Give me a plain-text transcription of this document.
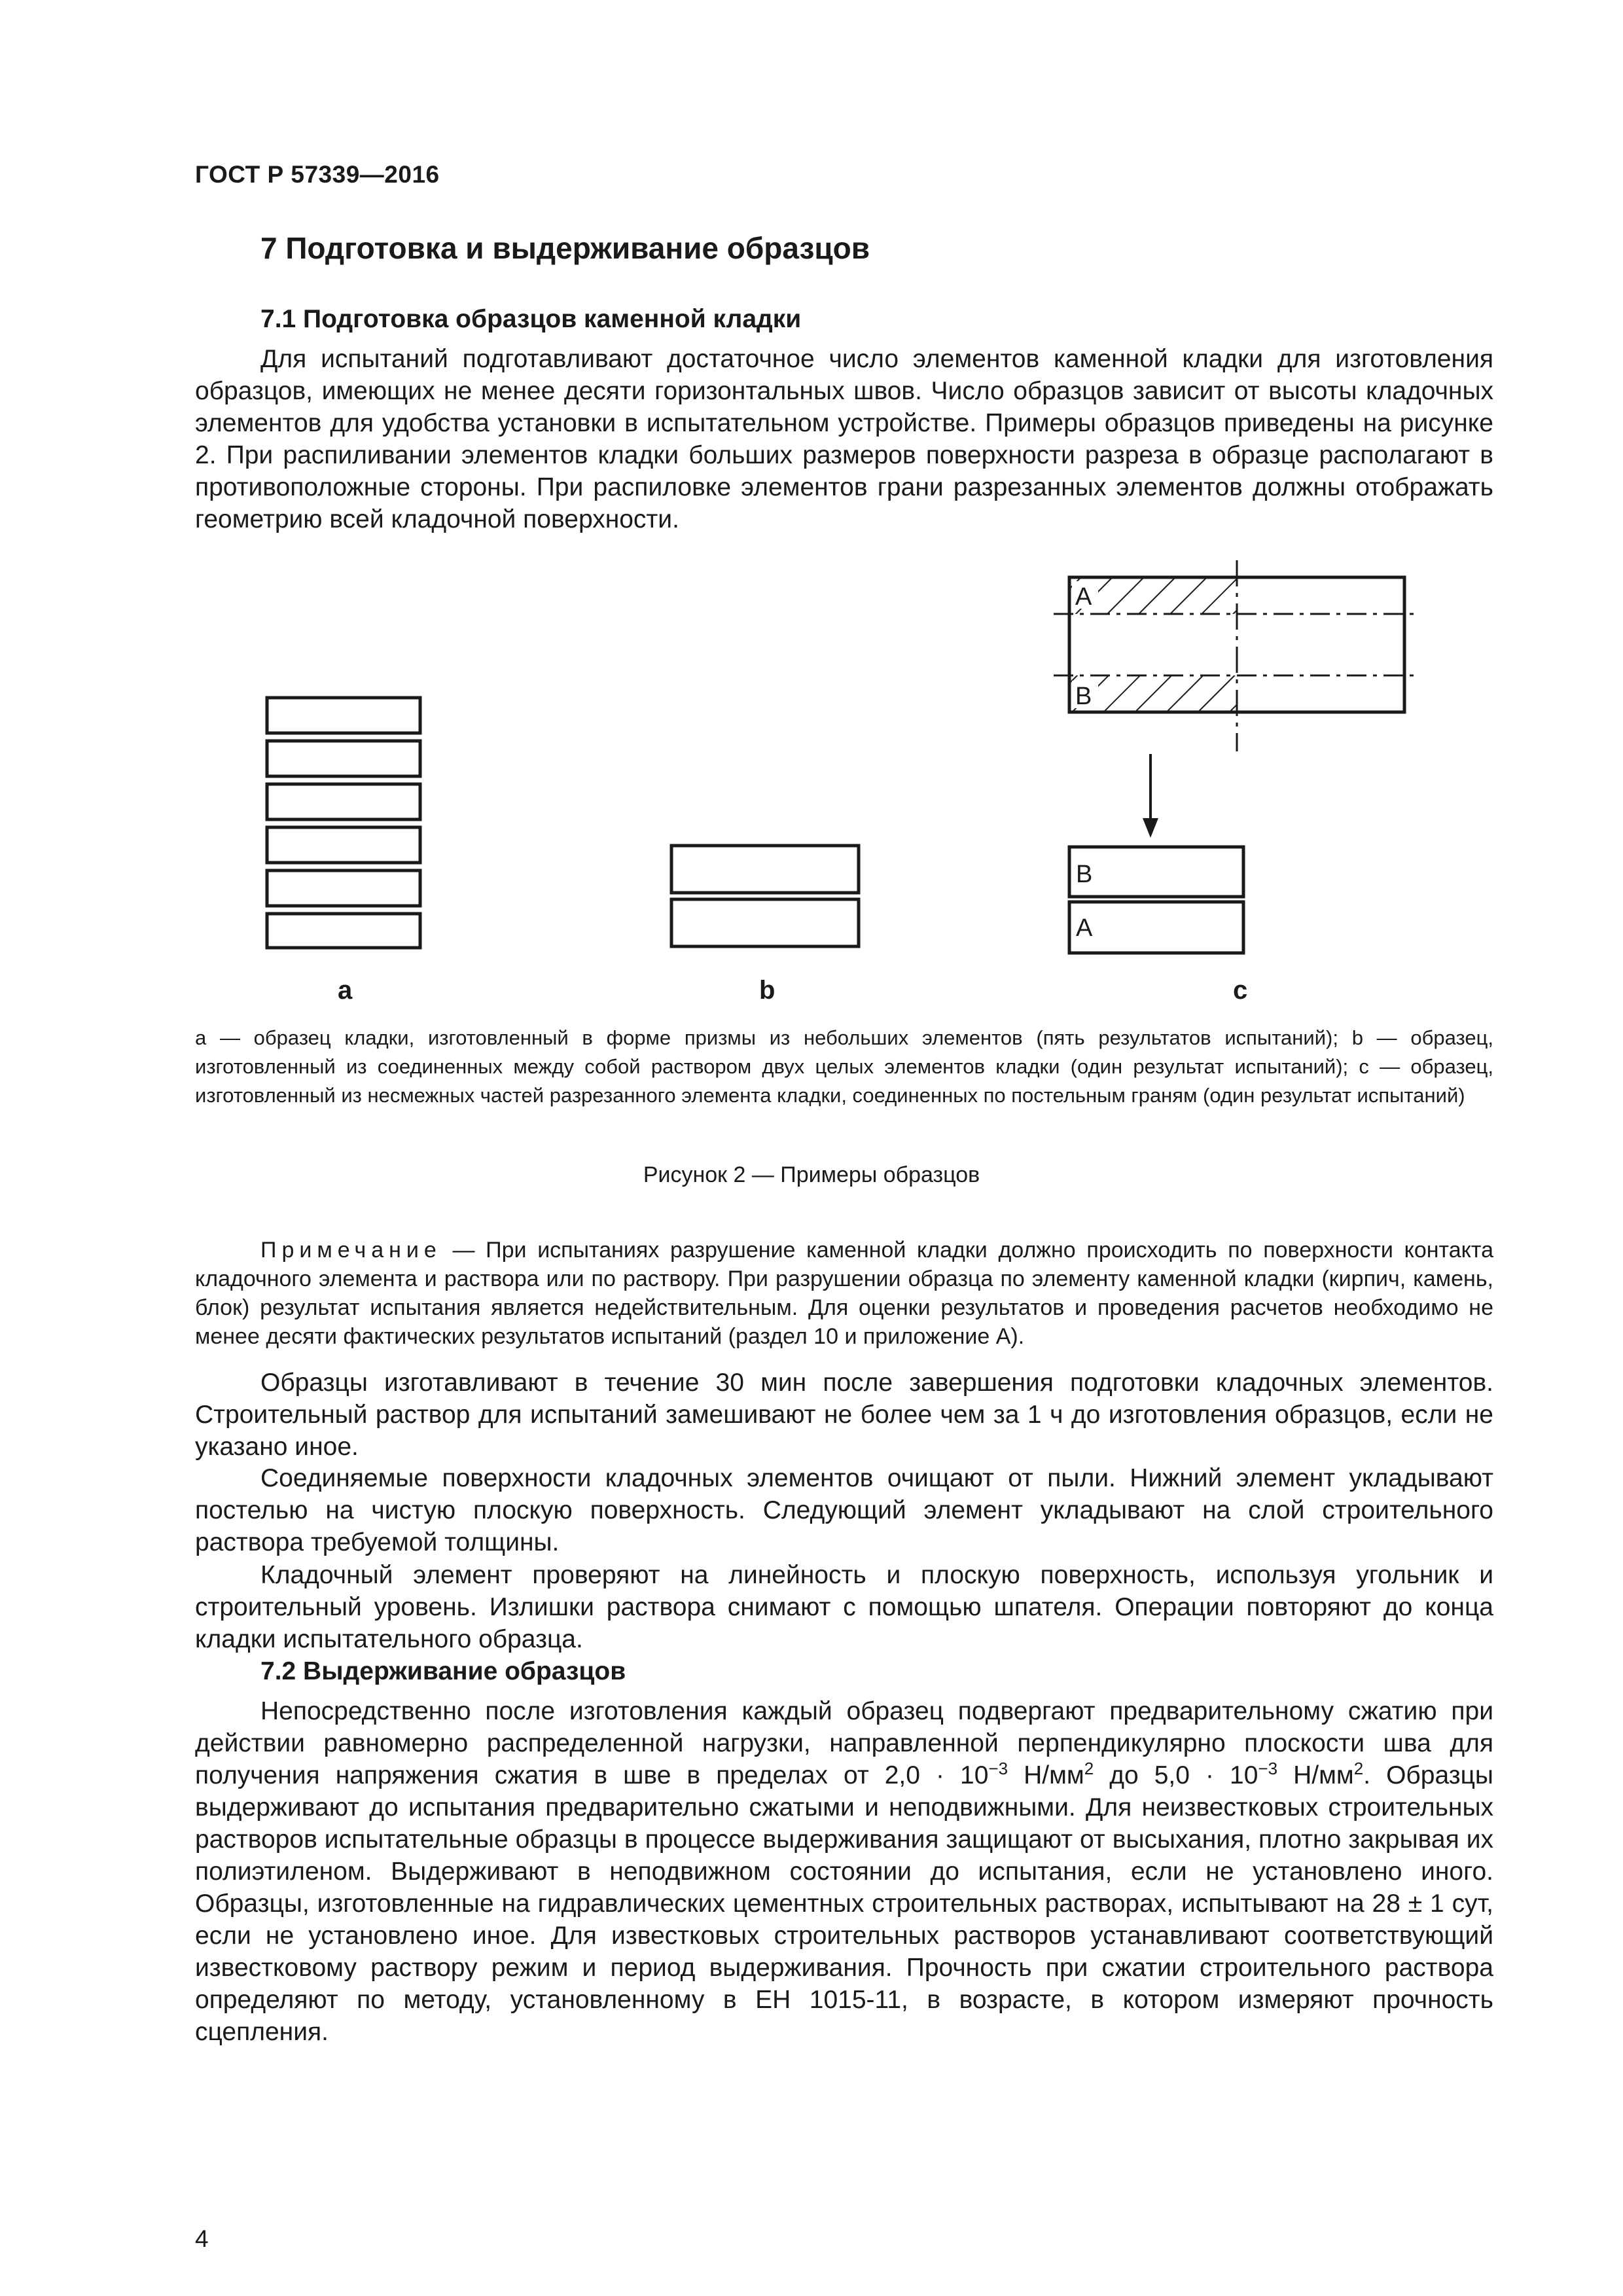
ГОСТ Р 57339—2016
7 Подготовка и выдерживание образцов
7.1 Подготовка образцов каменной кладки

Для испытаний подготавливают достаточное число элементов каменной кладки для изготовления образцов, имеющих не менее десяти горизонтальных швов. Число образцов зависит от высоты кладочных элементов для удобства установки в испытательном устройстве. Примеры образцов приведены на рисунке 2. При распиливании элементов кладки больших размеров поверхности разреза в образце располагают в противоположные стороны. При распиловке элементов грани разрезанных элементов должны отображать геометрию всей кладочной поверхности.

A
B
B
A
a	b	c

а — образец кладки, изготовленный в форме призмы из небольших элементов (пять результатов испытаний); b — образец, изготовленный из соединенных между собой раствором двух целых элементов кладки (один результат испытаний); с — образец, изготовленный из несмежных частей разрезанного элемента кладки, соединенных по постельным граням (один результат испытаний)

Рисунок 2 — Примеры образцов

Примечание — При испытаниях разрушение каменной кладки должно происходить по поверхности контакта кладочного элемента и раствора или по раствору. При разрушении образца по элементу каменной кладки (кирпич, камень, блок) результат испытания является недействительным. Для оценки результатов и проведения расчетов необходимо не менее десяти фактических результатов испытаний (раздел 10 и приложение А).

Образцы изготавливают в течение 30 мин после завершения подготовки кладочных элементов. Строительный раствор для испытаний замешивают не более чем за 1 ч до изготовления образцов, если не указано иное.

Соединяемые поверхности кладочных элементов очищают от пыли. Нижний элемент укладывают постелью на чистую плоскую поверхность. Следующий элемент укладывают на слой строительного раствора требуемой толщины.

Кладочный элемент проверяют на линейность и плоскую поверхность, используя угольник и строительный уровень. Излишки раствора снимают с помощью шпателя. Операции повторяют до конца кладки испытательного образца.

7.2 Выдерживание образцов

Непосредственно после изготовления каждый образец подвергают предварительному сжатию при действии равномерно распределенной нагрузки, направленной перпендикулярно плоскости шва для получения напряжения сжатия в шве в пределах от $2,0 \cdot 10^{-3}$ $Н/мм^2$ до $5,0 \cdot 10^{-3}$ $Н/мм^2$. Образцы выдерживают до испытания предварительно сжатыми и неподвижными. Для неизвестковых строительных растворов испытательные образцы в процессе выдерживания защищают от высыхания, плотно закрывая их полиэтиленом. Выдерживают в неподвижном состоянии до испытания, если не установлено иного. Образцы, изготовленные на гидравлических цементных строительных растворах, испытывают на 28 ± 1 сут, если не установлено иное. Для известковых строительных растворов устанавливают соответствующий известковому раствору режим и период выдерживания. Прочность при сжатии строительного раствора определяют по методу, установленному в ЕН 1015-11, в возрасте, в котором измеряют прочность сцепления.

4
